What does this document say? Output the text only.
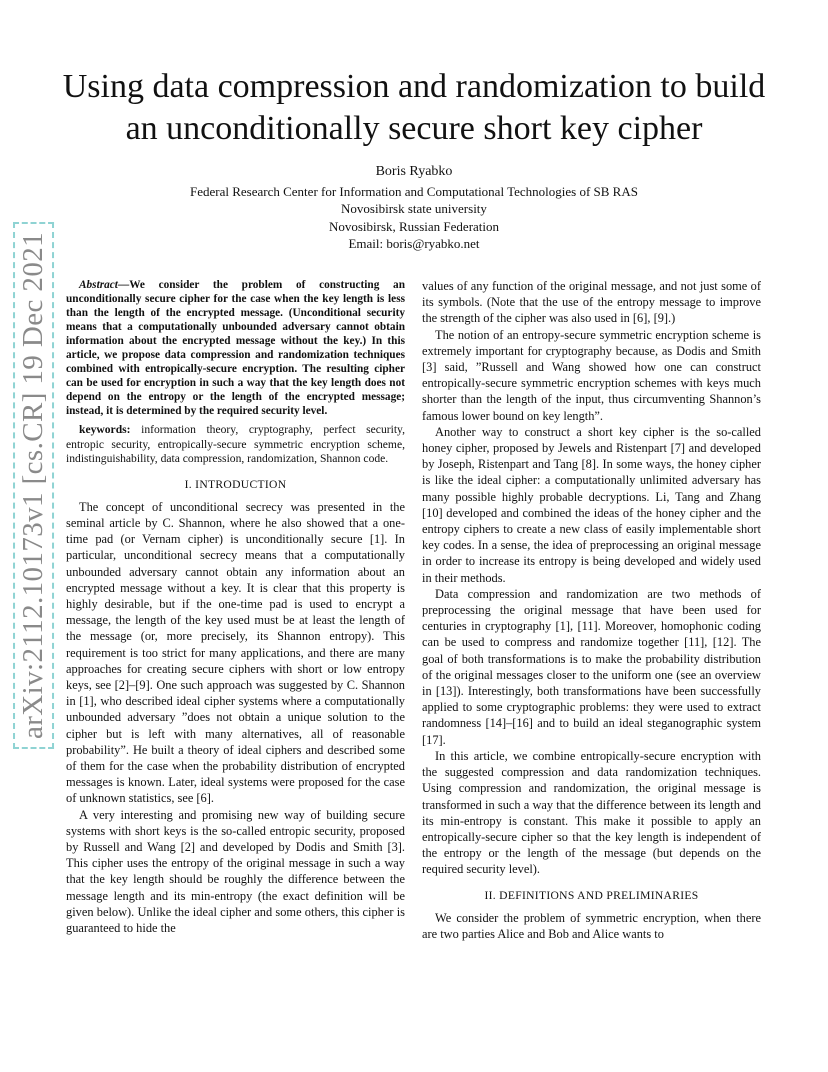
arXiv:2112.10173v1 [cs.CR] 19 Dec 2021
Using data compression and randomization to build
an unconditionally secure short key cipher
Boris Ryabko
Federal Research Center for Information and Computational Technologies of SB RAS
Novosibirsk state university
Novosibirsk, Russian Federation
Email: boris@ryabko.net

Abstract—We consider the problem of constructing an unconditionally secure cipher for the case when the key length is less than the length of the encrypted message. (Unconditional security means that a computationally unbounded adversary cannot obtain information about the encrypted message without the key.) In this article, we propose data compression and randomization techniques combined with entropically-secure encryption. The resulting cipher can be used for encryption in such a way that the key length does not depend on the entropy or the length of the encrypted message; instead, it is determined by the required security level.

keywords: information theory, cryptography, perfect security, entropic security, entropically-secure symmetric encryption scheme, indistinguishability, data compression, randomization, Shannon code.

I. INTRODUCTION

The concept of unconditional secrecy was presented in the seminal article by C. Shannon, where he also showed that a one-time pad (or Vernam cipher) is unconditionally secure [1]. In particular, unconditional secrecy means that a computationally unbounded adversary cannot obtain any information about an encrypted message without a key. It is clear that this property is highly desirable, but if the one-time pad is used to encrypt a message, the length of the key used must be at least the length of the message (or, more precisely, its Shannon entropy). This requirement is too strict for many applications, and there are many approaches for creating secure ciphers with short or low entropy keys, see [2]–[9]. One such approach was suggested by C. Shannon in [1], who described ideal cipher systems where a computationally unbounded adversary ”does not obtain a unique solution to the cipher but is left with many alternatives, all of reasonable probability”. He built a theory of ideal ciphers and described some of them for the case when the probability distribution of encrypted messages is known. Later, ideal systems were proposed for the case of unknown statistics, see [6].

A very interesting and promising new way of building secure systems with short keys is the so-called entropic security, proposed by Russell and Wang [2] and developed by Dodis and Smith [3]. This cipher uses the entropy of the original message in such a way that the key length should be roughly the difference between the message length and its min-entropy (the exact definition will be given below). Unlike the ideal cipher and some others, this cipher is guaranteed to hide the

values of any function of the original message, and not just some of its symbols. (Note that the use of the entropy message to improve the strength of the cipher was also used in [6], [9].)

The notion of an entropy-secure symmetric encryption scheme is extremely important for cryptography because, as Dodis and Smith [3] said, ”Russell and Wang showed how one can construct entropically-secure symmetric encryption schemes with keys much shorter than the length of the input, thus circumventing Shannon’s famous lower bound on key length”.

Another way to construct a short key cipher is the so-called honey cipher, proposed by Jewels and Ristenpart [7] and developed by Joseph, Ristenpart and Tang [8]. In some ways, the honey cipher is like the ideal cipher: a computationally unlimited adversary has many possible highly probable decryptions. Li, Tang and Zhang [10] developed and combined the ideas of the honey cipher and the entropy ciphers to create a new class of easily implementable short key codes. In a sense, the idea of preprocessing an original message in order to increase its entropy is being developed and widely used in their methods.

Data compression and randomization are two methods of preprocessing the original message that have been used for centuries in cryptography [1], [11]. Moreover, homophonic coding can be used to compress and randomize together [11], [12]. The goal of both transformations is to make the probability distribution of the original messages closer to the uniform one (see an overview in [13]). Interestingly, both transformations have been successfully applied to some cryptographic problems: they were used to extract randomness [14]–[16] and to build an ideal steganographic system [17].

In this article, we combine entropically-secure encryption with the suggested compression and data randomization techniques. Using compression and randomization, the original message is transformed in such a way that the difference between its length and its min-entropy is constant. This make it possible to apply an entropically-secure cipher so that the key length is independent of the entropy or the length of the message (but depends on the required security level).

II. DEFINITIONS AND PRELIMINARIES

We consider the problem of symmetric encryption, when there are two parties Alice and Bob and Alice wants to
